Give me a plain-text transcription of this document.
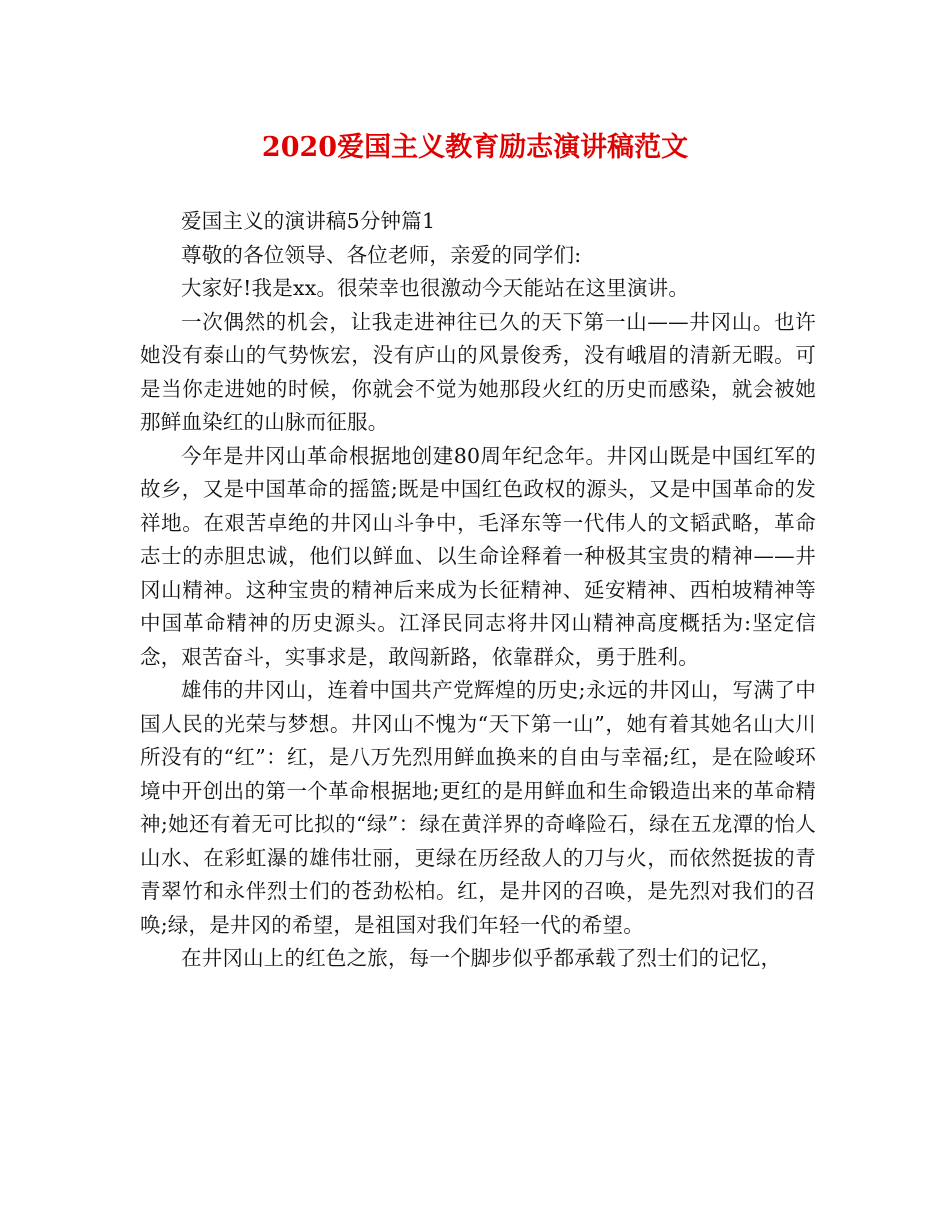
2020爱国主义教育励志演讲稿范文

爱国主义的演讲稿5分钟篇1

尊敬的各位领导、各位老师，亲爱的同学们:

大家好!我是xx。很荣幸也很激动今天能站在这里演讲。

一次偶然的机会，让我走进神往已久的天下第一山——井冈山。也许她没有泰山的气势恢宏，没有庐山的风景俊秀，没有峨眉的清新无暇。可是当你走进她的时候，你就会不觉为她那段火红的历史而感染，就会被她那鲜血染红的山脉而征服。

今年是井冈山革命根据地创建80周年纪念年。井冈山既是中国红军的故乡，又是中国革命的摇篮;既是中国红色政权的源头，又是中国革命的发祥地。在艰苦卓绝的井冈山斗争中，毛泽东等一代伟人的文韬武略，革命志士的赤胆忠诚，他们以鲜血、以生命诠释着一种极其宝贵的精神——井冈山精神。这种宝贵的精神后来成为长征精神、延安精神、西柏坡精神等中国革命精神的历史源头。江泽民同志将井冈山精神高度概括为:坚定信念，艰苦奋斗，实事求是，敢闯新路，依靠群众，勇于胜利。

雄伟的井冈山，连着中国共产党辉煌的历史;永远的井冈山，写满了中国人民的光荣与梦想。井冈山不愧为“天下第一山”，她有着其她名山大川所没有的“红”：红，是八万先烈用鲜血换来的自由与幸福;红，是在险峻环境中开创出的第一个革命根据地;更红的是用鲜血和生命锻造出来的革命精神;她还有着无可比拟的“绿”：绿在黄洋界的奇峰险石，绿在五龙潭的怡人山水、在彩虹瀑的雄伟壮丽，更绿在历经敌人的刀与火，而依然挺拔的青青翠竹和永伴烈士们的苍劲松柏。红，是井冈的召唤，是先烈对我们的召唤;绿，是井冈的希望，是祖国对我们年轻一代的希望。

在井冈山上的红色之旅，每一个脚步似乎都承载了烈士们的记忆，
